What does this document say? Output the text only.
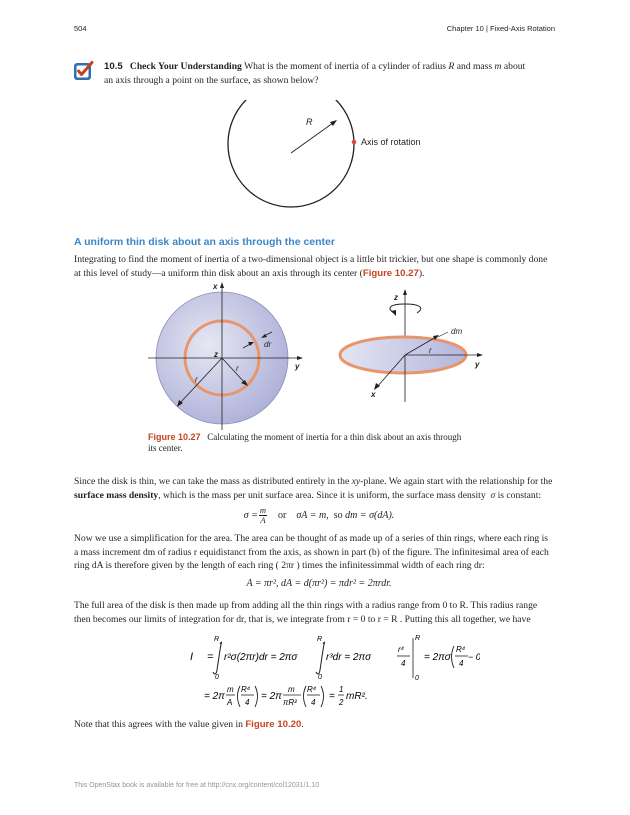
504	Chapter 10 | Fixed-Axis Rotation
10.5 Check Your Understanding What is the moment of inertia of a cylinder of radius R and mass m about
an axis through a point on the surface, as shown below?
R
Axis of rotation
A uniform thin disk about an axis through the center
Integrating to find the moment of inertia of a two-dimensional object is a little bit trickier, but one shape is commonly done
at this level of study—a uniform thin disk about an axis through its center (Figure 10.27).
x
y
z
dr
r
r
z
y
x
r
dm
Figure 10.27 Calculating the moment of inertia for a thin disk about an axis through
its center.
Since the disk is thin, we can take the mass as distributed entirely in the xy-plane. We again start with the relationship for the
surface mass density, which is the mass per unit surface area. Since it is uniform, the surface mass density σ is constant:
$\sigma = \frac{m}{A}$ or σA = m, so dm = σ(dA).
Now we use a simplification for the area. The area can be thought of as made up of a series of thin rings, where each ring is
a mass increment dm of radius r equidistanct from the axis, as shown in part (b) of the figure. The infinitesimal area of each
ring dA is therefore given by the length of each ring ( 2πr ) times the infinitessimmal width of each ring dr:
A = πr², dA = d(πr²) = πdr² = 2πrdr.
The full area of the disk is then made up from adding all the thin rings with a radius range from 0 to R. This radius range
then becomes our limits of integration for dr, that is, we integrate from r = 0 to r = R . Putting this all together, we have
I =
R
0
r²σ(2πr)dr = 2πσ
R
0
r³dr = 2πσ
r⁴
4
R
0
= 2πσ
R⁴
4
− 0
= 2π
m
A
R⁴
4
= 2π
m
πR²
R⁴
4
=
1
2
mR².
Note that this agrees with the value given in Figure 10.20.
This OpenStax book is available for free at http://cnx.org/content/col12031/1.10
